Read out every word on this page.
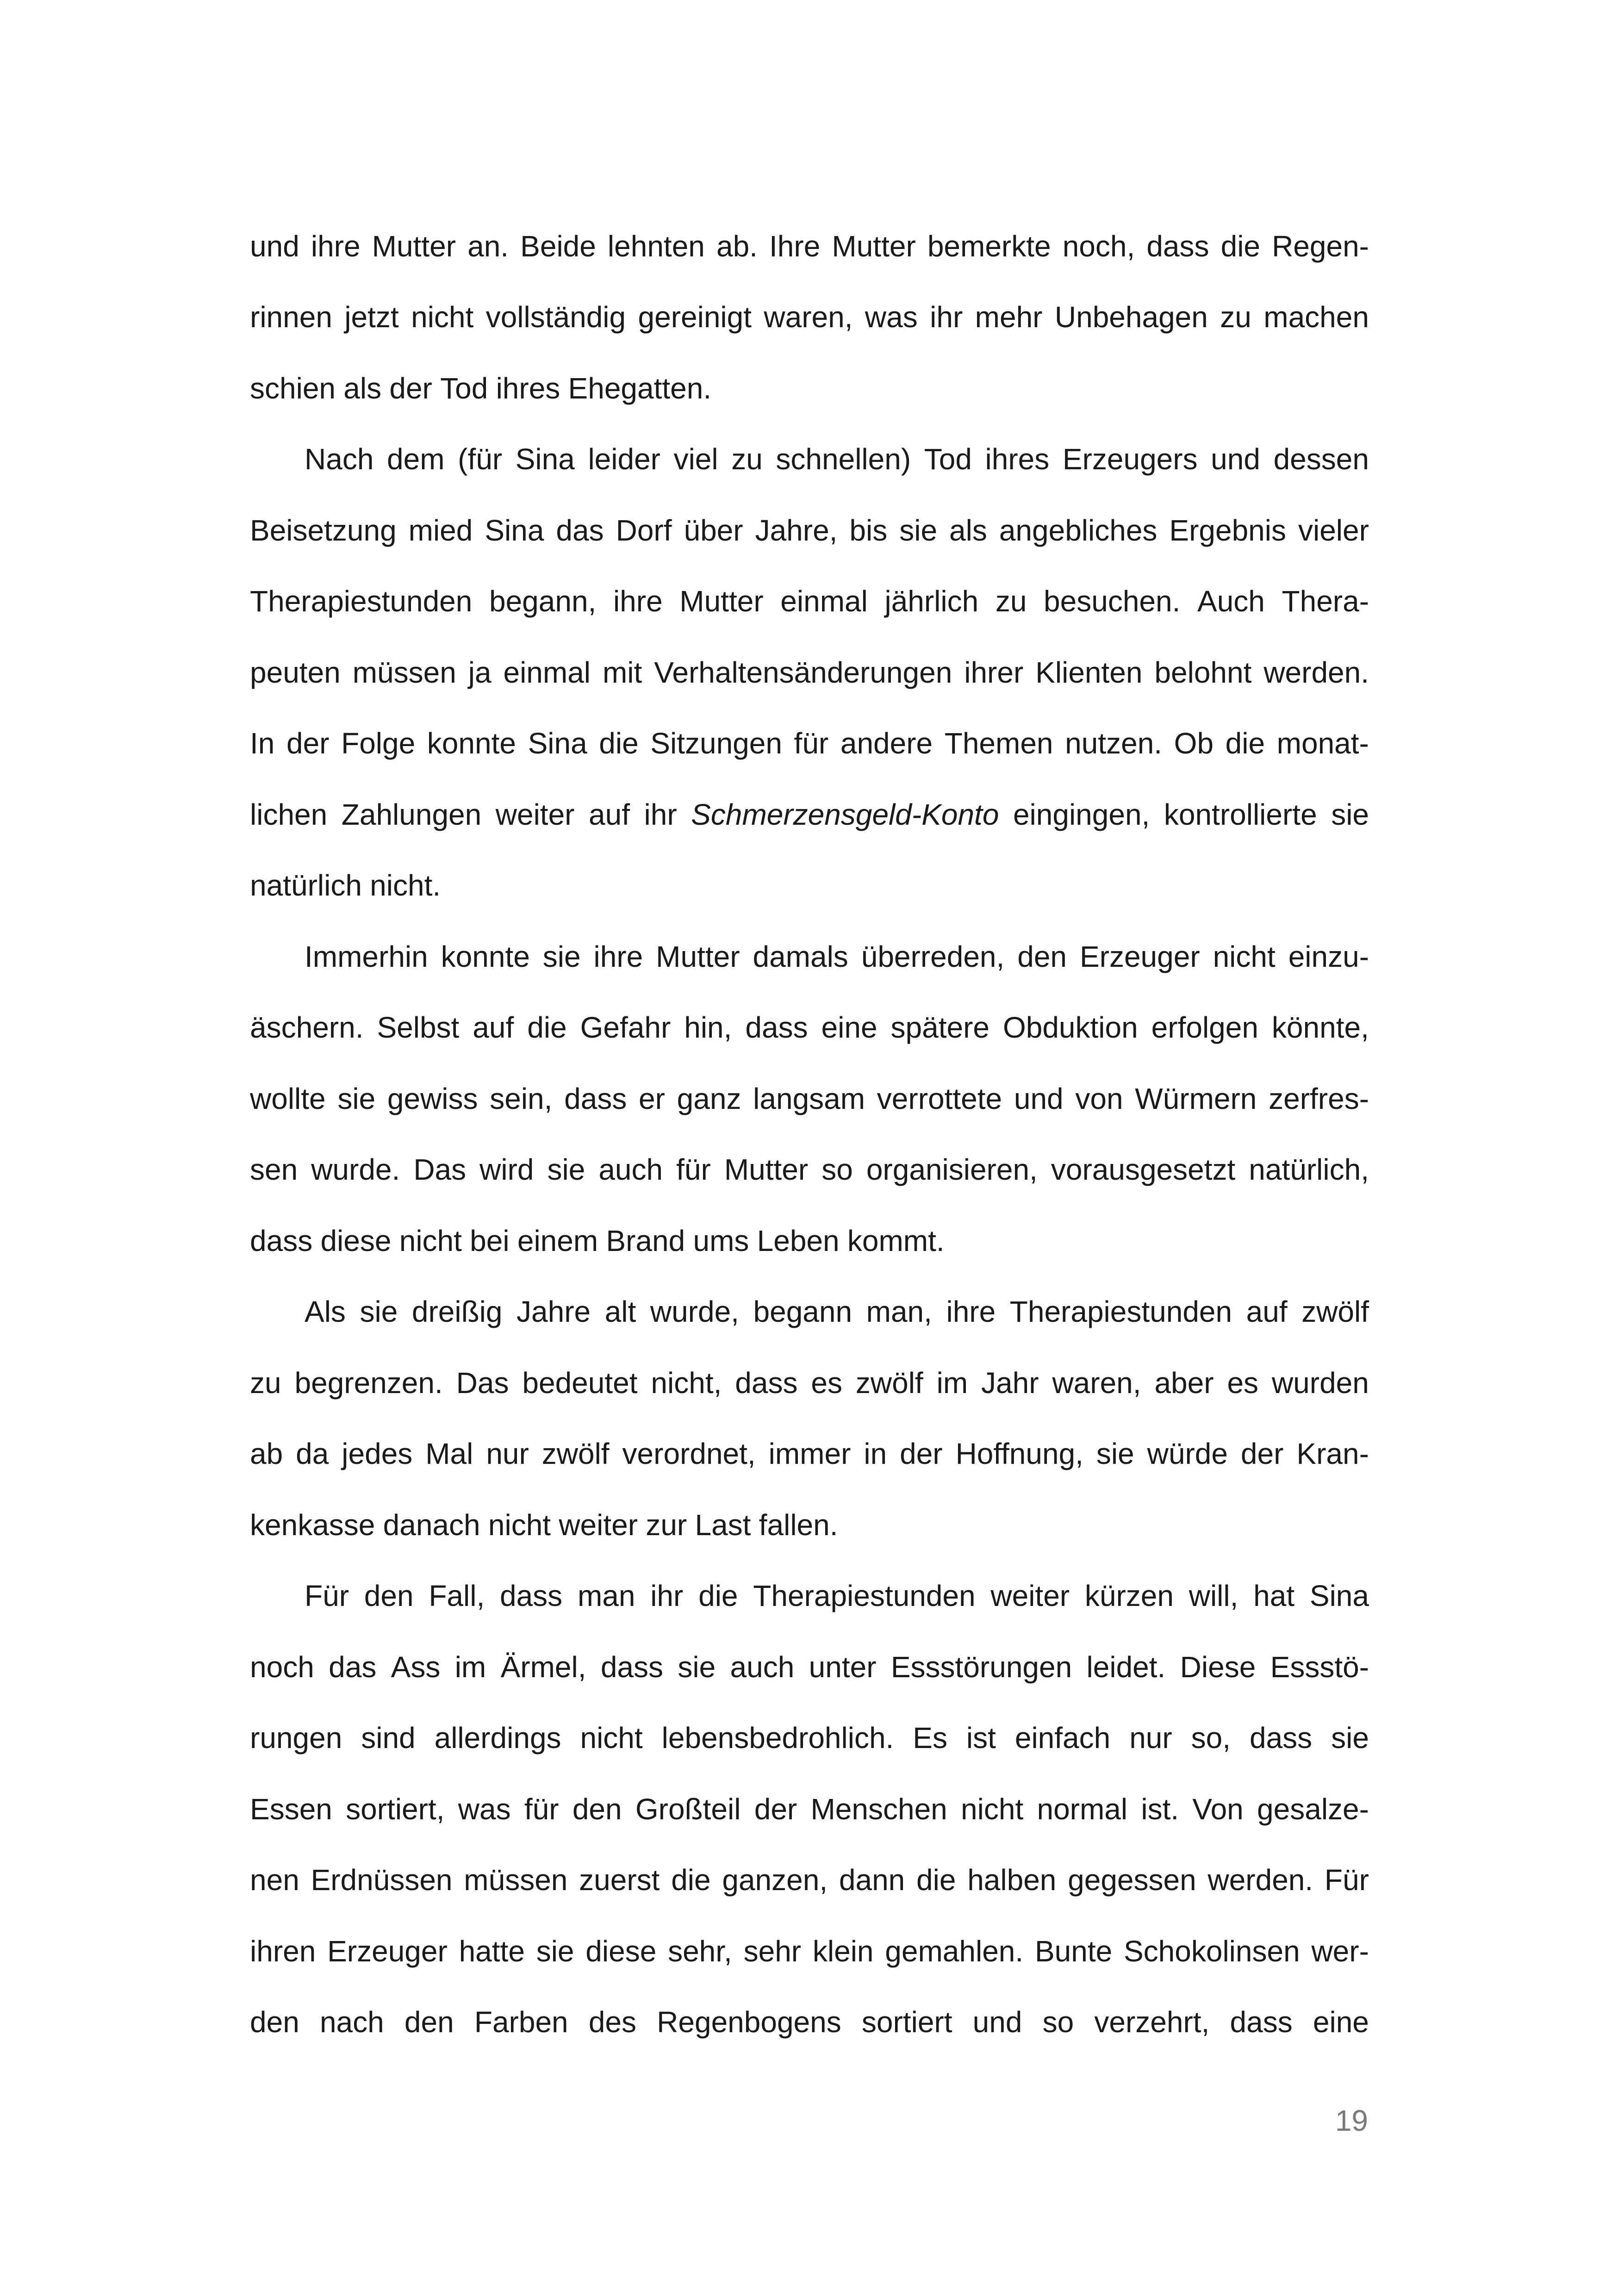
und ihre Mutter an. Beide lehnten ab. Ihre Mutter bemerkte noch, dass die Regen-
rinnen jetzt nicht vollständig gereinigt waren, was ihr mehr Unbehagen zu machen
schien als der Tod ihres Ehegatten.
Nach dem (für Sina leider viel zu schnellen) Tod ihres Erzeugers und dessen
Beisetzung mied Sina das Dorf über Jahre, bis sie als angebliches Ergebnis vieler
Therapiestunden begann, ihre Mutter einmal jährlich zu besuchen. Auch Thera-
peuten müssen ja einmal mit Verhaltensänderungen ihrer Klienten belohnt werden.
In der Folge konnte Sina die Sitzungen für andere Themen nutzen. Ob die monat-
lichen Zahlungen weiter auf ihr Schmerzensgeld-Konto eingingen, kontrollierte sie
natürlich nicht.
Immerhin konnte sie ihre Mutter damals überreden, den Erzeuger nicht einzu-
äschern. Selbst auf die Gefahr hin, dass eine spätere Obduktion erfolgen könnte,
wollte sie gewiss sein, dass er ganz langsam verrottete und von Würmern zerfres-
sen wurde. Das wird sie auch für Mutter so organisieren, vorausgesetzt natürlich,
dass diese nicht bei einem Brand ums Leben kommt.
Als sie dreißig Jahre alt wurde, begann man, ihre Therapiestunden auf zwölf
zu begrenzen. Das bedeutet nicht, dass es zwölf im Jahr waren, aber es wurden
ab da jedes Mal nur zwölf verordnet, immer in der Hoffnung, sie würde der Kran-
kenkasse danach nicht weiter zur Last fallen.
Für den Fall, dass man ihr die Therapiestunden weiter kürzen will, hat Sina
noch das Ass im Ärmel, dass sie auch unter Essstörungen leidet. Diese Essstö-
rungen sind allerdings nicht lebensbedrohlich. Es ist einfach nur so, dass sie
Essen sortiert, was für den Großteil der Menschen nicht normal ist. Von gesalze-
nen Erdnüssen müssen zuerst die ganzen, dann die halben gegessen werden. Für
ihren Erzeuger hatte sie diese sehr, sehr klein gemahlen. Bunte Schokolinsen wer-
den nach den Farben des Regenbogens sortiert und so verzehrt, dass eine
19
